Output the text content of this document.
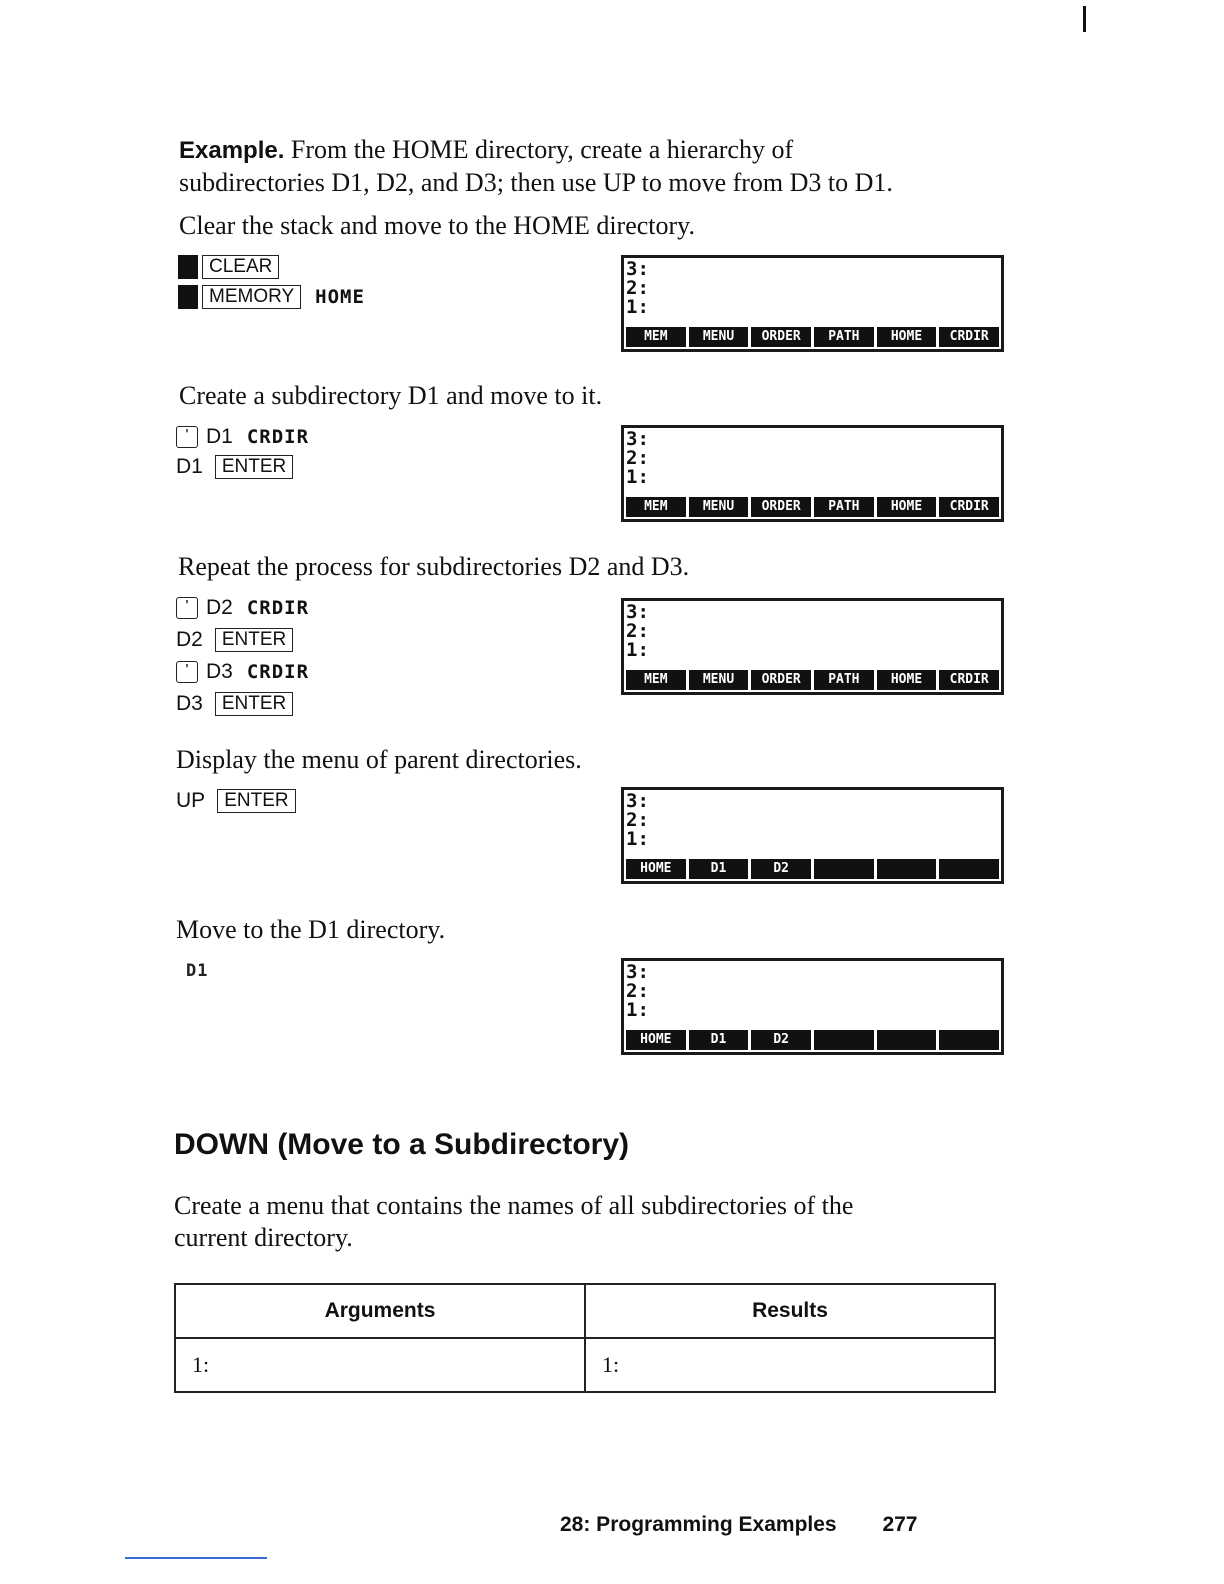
Example. From the HOME directory, create a hierarchy of
subdirectories D1, D2, and D3; then use UP to move from D3 to D1.
Clear the stack and move to the HOME directory.
CLEAR
MEMORY	HOME
3:
2:
1:
MEM	MENU	ORDER	PATH	HOME	CRDIR
Create a subdirectory D1 and move to it.
' D1 CRDIR
D1	ENTER
3:
2:
1:
MEM	MENU	ORDER	PATH	HOME	CRDIR
Repeat the process for subdirectories D2 and D3.
' D2 CRDIR
D2	ENTER
' D3 CRDIR
D3	ENTER
3:
2:
1:
MEM	MENU	ORDER	PATH	HOME	CRDIR
Display the menu of parent directories.
UP	ENTER	3:
2:
1:
HOME	D1	D2
Move to the D1 directory.
D1	3:
2:
1:
HOME	D1	D2
DOWN (Move to a Subdirectory)
Create a menu that contains the names of all subdirectories of the
current directory.
Arguments	Results
1:	1:
28: Programming Examples 277
